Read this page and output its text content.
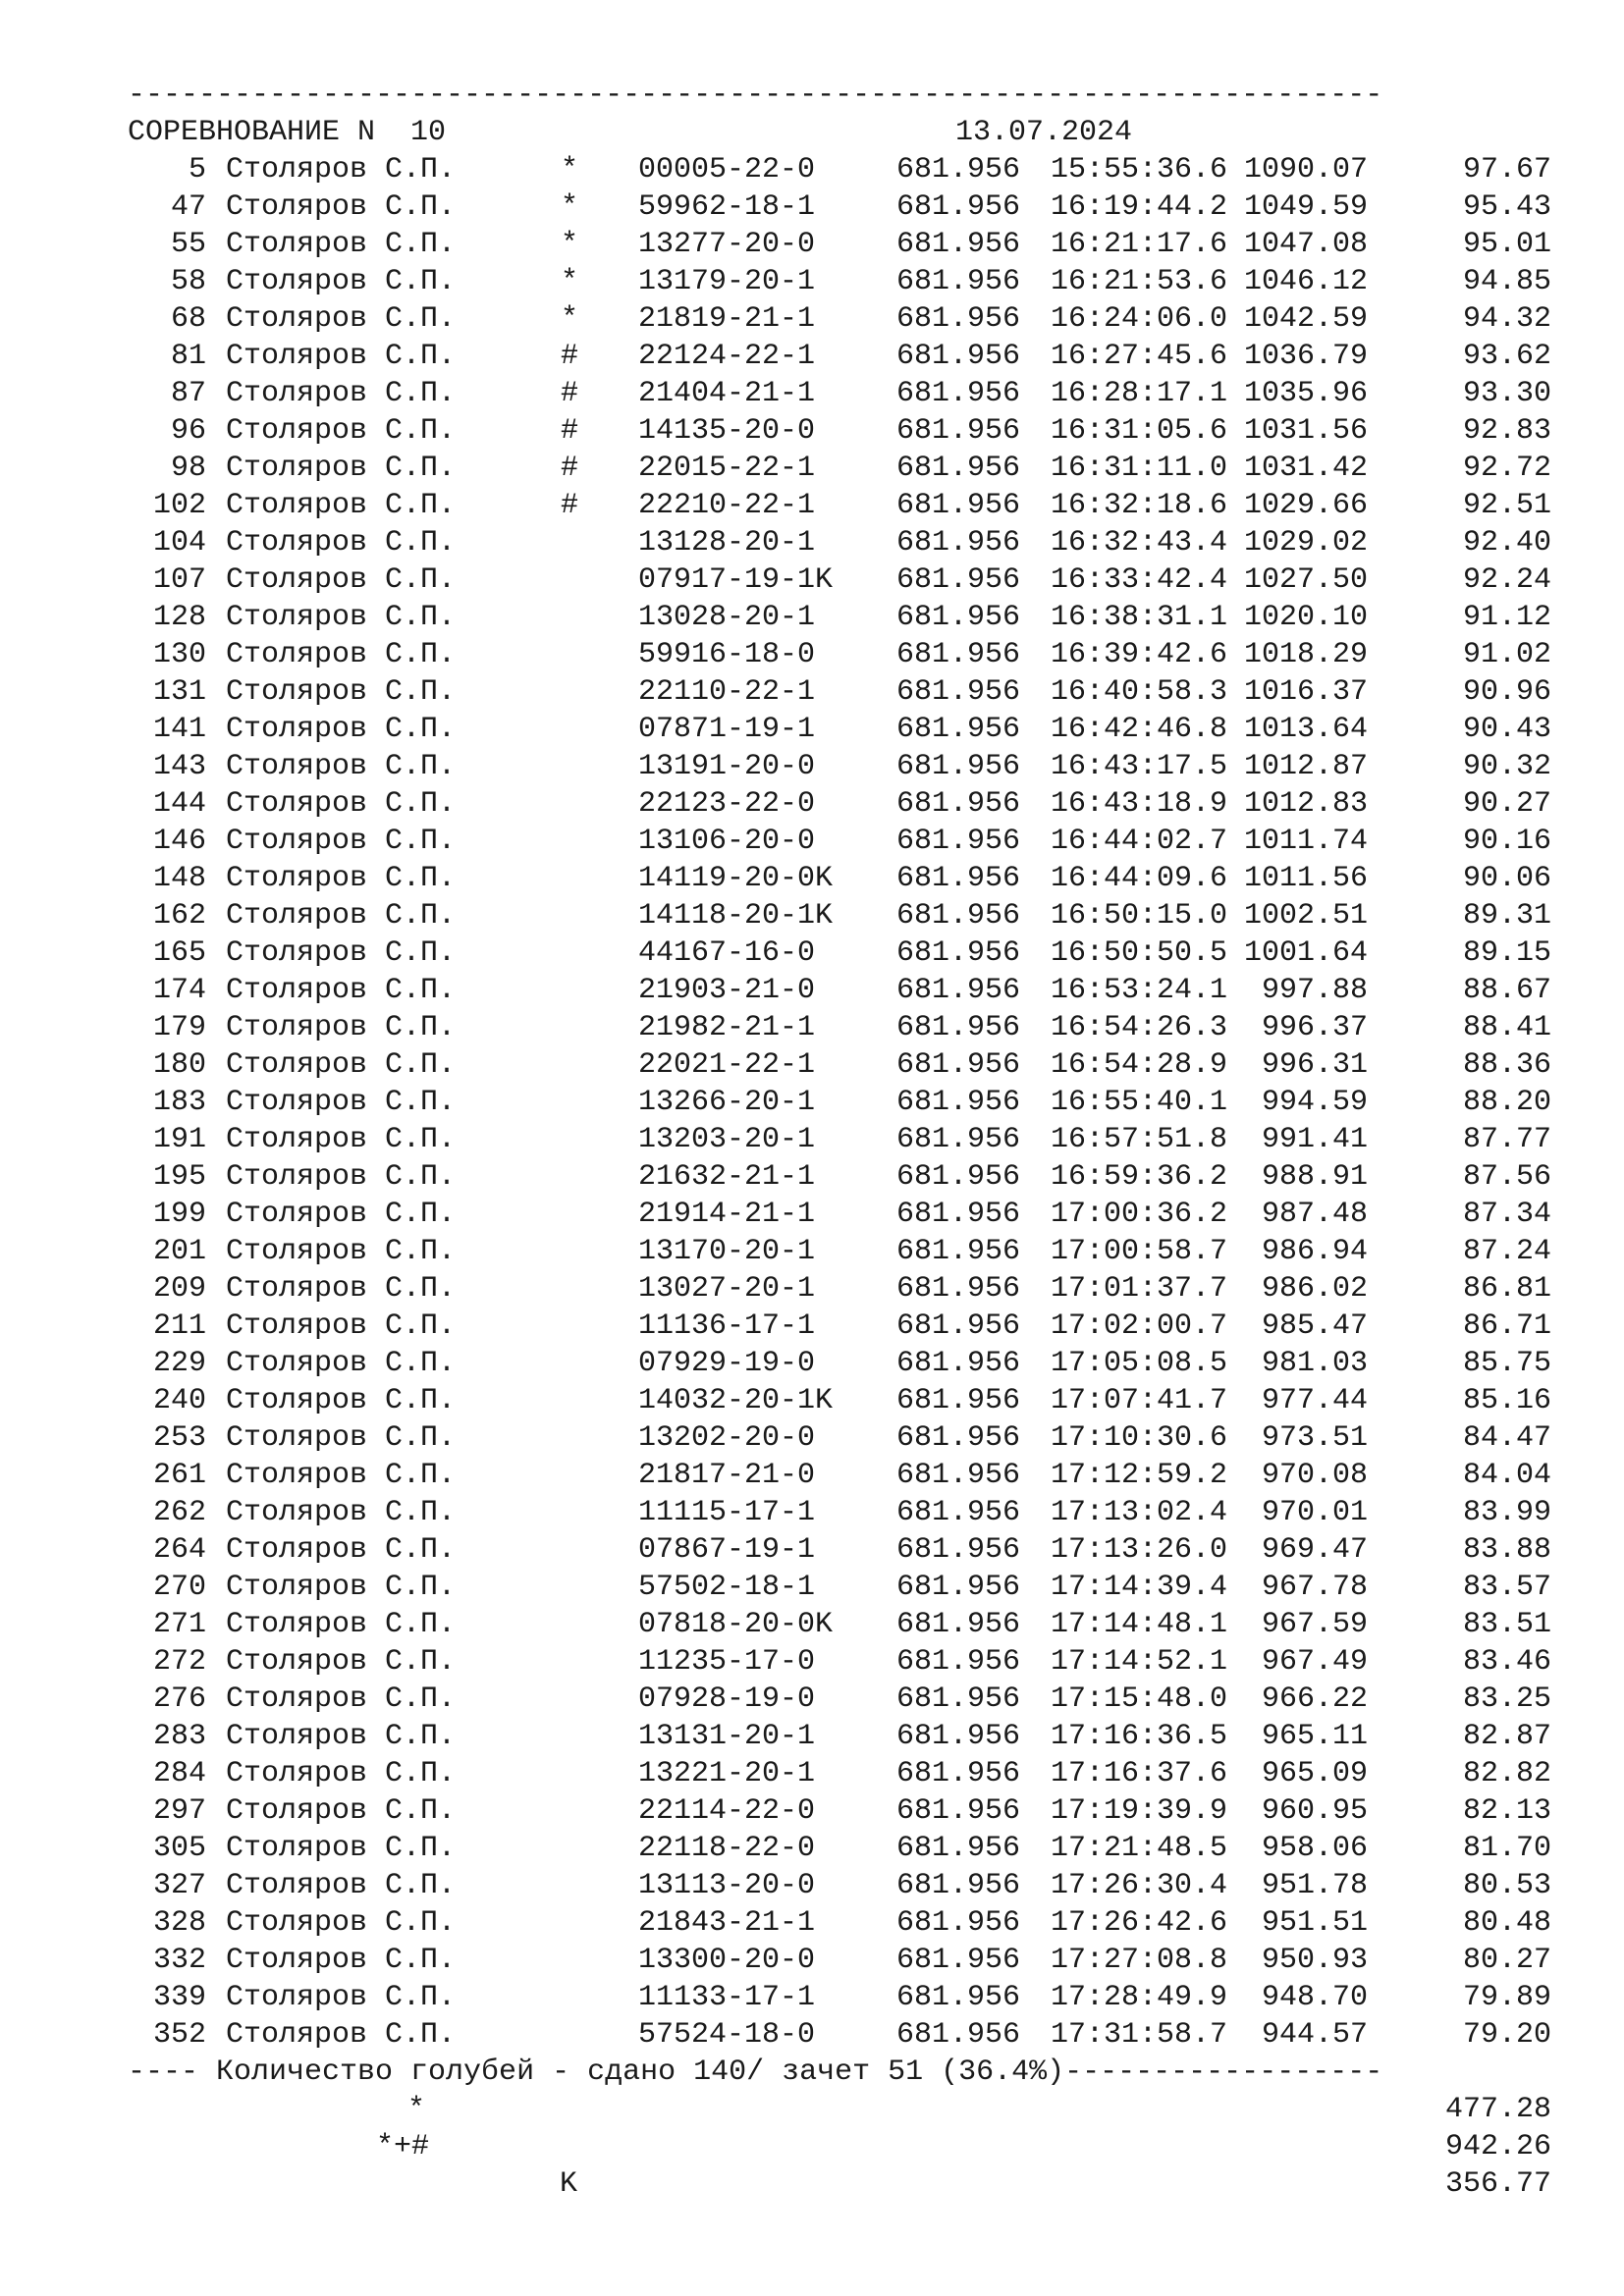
-----------------------------------------------------------------------

СОРЕВНОВАНИЕ N  10

	13.07.2024

5 Столяров С.П.	* 00005-22-0	681.956 15:55:36.6 1090.07	97.67
47 Столяров С.П.	* 59962-18-1	681.956 16:19:44.2 1049.59	95.43
55 Столяров С.П.	* 13277-20-0	681.956 16:21:17.6 1047.08	95.01
58 Столяров С.П.	* 13179-20-1	681.956 16:21:53.6 1046.12	94.85
68 Столяров С.П.	* 21819-21-1	681.956 16:24:06.0 1042.59	94.32
81 Столяров С.П.	# 22124-22-1	681.956 16:27:45.6 1036.79	93.62
87 Столяров С.П.	# 21404-21-1	681.956 16:28:17.1 1035.96	93.30
96 Столяров С.П.	# 14135-20-0	681.956 16:31:05.6 1031.56	92.83
98 Столяров С.П.	# 22015-22-1	681.956 16:31:11.0 1031.42	92.72
102 Столяров С.П.	# 22210-22-1	681.956 16:32:18.6 1029.66	92.51
104 Столяров С.П.	13128-20-1	681.956 16:32:43.4 1029.02	92.40
107 Столяров С.П.	07917-19-1K 681.956 16:33:42.4 1027.50	92.24
128 Столяров С.П.	13028-20-1	681.956 16:38:31.1 1020.10	91.12
130 Столяров С.П.	59916-18-0	681.956 16:39:42.6 1018.29	91.02
131 Столяров С.П.	22110-22-1	681.956 16:40:58.3 1016.37	90.96
141 Столяров С.П.	07871-19-1	681.956 16:42:46.8 1013.64	90.43
143 Столяров С.П.	13191-20-0	681.956 16:43:17.5 1012.87	90.32
144 Столяров С.П.	22123-22-0	681.956 16:43:18.9 1012.83	90.27
146 Столяров С.П.	13106-20-0	681.956 16:44:02.7 1011.74	90.16
148 Столяров С.П.	14119-20-0K 681.956 16:44:09.6 1011.56	90.06
162 Столяров С.П.	14118-20-1K 681.956 16:50:15.0 1002.51	89.31
165 Столяров С.П.	44167-16-0	681.956 16:50:50.5 1001.64	89.15
174 Столяров С.П.	21903-21-0	681.956 16:53:24.1 997.88	88.67
179 Столяров С.П.	21982-21-1	681.956 16:54:26.3 996.37	88.41
180 Столяров С.П.	22021-22-1	681.956 16:54:28.9 996.31	88.36
183 Столяров С.П.	13266-20-1	681.956 16:55:40.1 994.59	88.20
191 Столяров С.П.	13203-20-1	681.956 16:57:51.8 991.41	87.77
195 Столяров С.П.	21632-21-1	681.956 16:59:36.2 988.91	87.56
199 Столяров С.П.	21914-21-1	681.956 17:00:36.2 987.48	87.34
201 Столяров С.П.	13170-20-1	681.956 17:00:58.7 986.94	87.24
209 Столяров С.П.	13027-20-1	681.956 17:01:37.7 986.02	86.81
211 Столяров С.П.	11136-17-1	681.956 17:02:00.7 985.47	86.71
229 Столяров С.П.	07929-19-0	681.956 17:05:08.5 981.03	85.75
240 Столяров С.П.	14032-20-1K 681.956 17:07:41.7 977.44	85.16
253 Столяров С.П.	13202-20-0	681.956 17:10:30.6 973.51	84.47
261 Столяров С.П.	21817-21-0	681.956 17:12:59.2 970.08	84.04
262 Столяров С.П.	11115-17-1	681.956 17:13:02.4 970.01	83.99
264 Столяров С.П.	07867-19-1	681.956 17:13:26.0 969.47	83.88
270 Столяров С.П.	57502-18-1	681.956 17:14:39.4 967.78	83.57
271 Столяров С.П.	07818-20-0K 681.956 17:14:48.1 967.59	83.51
272 Столяров С.П.	11235-17-0	681.956 17:14:52.1 967.49	83.46
276 Столяров С.П.	07928-19-0	681.956 17:15:48.0 966.22	83.25
283 Столяров С.П.	13131-20-1	681.956 17:16:36.5 965.11	82.87
284 Столяров С.П.	13221-20-1	681.956 17:16:37.6 965.09	82.82
297 Столяров С.П.	22114-22-0	681.956 17:19:39.9 960.95	82.13
305 Столяров С.П.	22118-22-0	681.956 17:21:48.5 958.06	81.70
327 Столяров С.П.	13113-20-0	681.956 17:26:30.4 951.78	80.53
328 Столяров С.П.	21843-21-1	681.956 17:26:42.6 951.51	80.48
332 Столяров С.П.	13300-20-0	681.956 17:27:08.8 950.93	80.27
339 Столяров С.П.	11133-17-1	681.956 17:28:49.9 948.70	79.89
352 Столяров С.П.	57524-18-0	681.956 17:31:58.7 944.57	79.20
---- Количество голубей - сдано 140/ зачет 51 (36.4%)------------------
*	477.28
*+#	942.26
K	356.77
